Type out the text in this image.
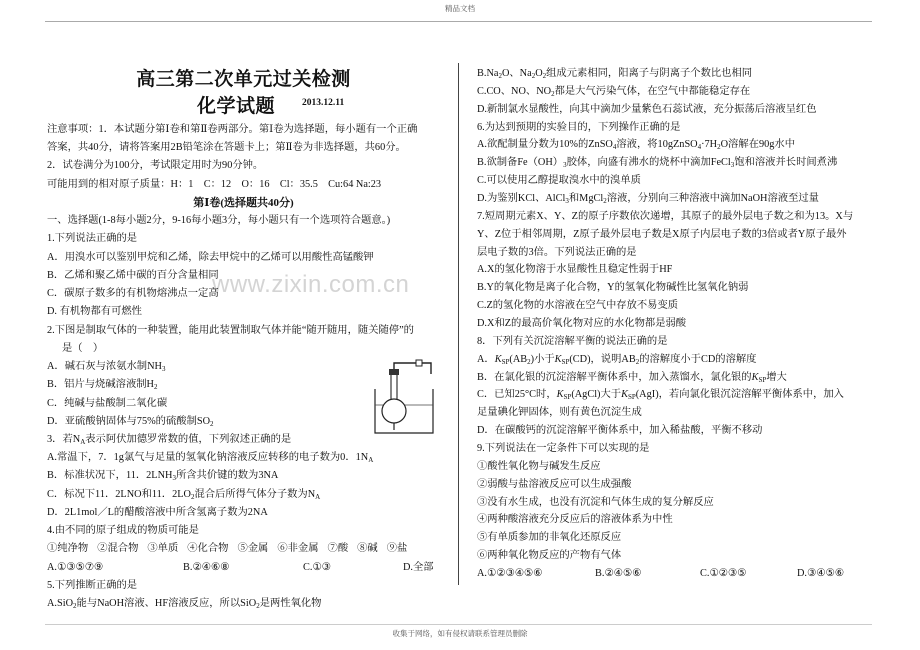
精品文档
www.zixin.com.cn
高三第二次单元过关检测
化学试题	2013.12.11
注意事项：1．本试题分第Ⅰ卷和第Ⅱ卷两部分。第Ⅰ卷为选择题，每小题有一个正确
答案，共40分，请将答案用2B铅笔涂在答题卡上；第Ⅱ卷为非选择题，共60分。
2．试卷满分为100分，考试限定用时为90分钟。
可能用到的相对原子质量：H：1　C：12　O：16　Cl：35.5　Cu:64 Na:23
第Ⅰ卷(选择题共40分)
一、选择题(1-8每小题2分，9-16每小题3分，每小题只有一个选项符合题意。)
1.下列说法正确的是
A．用溴水可以鉴别甲烷和乙烯，除去甲烷中的乙烯可以用酸性高锰酸钾
B．乙烯和聚乙烯中碳的百分含量相同
C．碳原子数多的有机物熔沸点一定高
D. 有机物都有可燃性
2.下图是制取气体的一种装置，能用此装置制取气体并能“随开随用，随关随停”的
是（　）
A．碱石灰与浓氨水制$NH_3$
B．铝片与烧碱溶液制$H_2$
C．纯碱与盐酸制二氧化碳
D．亚硫酸钠固体与75%的硫酸制$SO_2$
3．若$N_A$表示阿伏加德罗常数的值，下列叙述正确的是
A.常温下，7．1g氯气与足量的氢氧化钠溶液反应转移的电子数为0．$1N_A$
B．标准状况下，11．$2LNH_3$所含共价键的数为3NA
C．标况下11．2LNO和11．$2LO_2$混合后所得气体分子数为$N_A$
D．2L1mol／L的醋酸溶液中所含氢离子数为2NA
4.由不同的原子组成的物质可能是
①纯净物 ②混合物 ③单质 ④化合物 ⑤金属 ⑥非金属 ⑦酸 ⑧碱 ⑨盐
A.①③⑤⑦⑨	B.②④⑥⑧	C.①③	D.全部
5.下列推断正确的是
A.SiO$_2$能与NaOH溶液、HF溶液反应，所以SiO$_2$是两性氧化物
$B.Na_2O$、$Na_2O_2$组成元素相同，阳离子与阴离子个数比也相同
C.CO、NO、$NO_2$都是大气污染气体，在空气中都能稳定存在
D.新制氯水显酸性，向其中滴加少量紫色石蕊试液，充分振荡后溶液呈红色
6.为达到预期的实验目的，下列操作正确的是
A.欲配制量分数为10%的ZnSO$_4$溶液，将$10gZnSO_4\cdot 7H_2O$溶解在90g水中
B.欲制备$Fe(OH)_3$胶体，向盛有沸水的烧杯中滴加FeCl$_3$饱和溶液并长时间煮沸
C.可以使用乙醇提取溴水中的溴单质
D.为鉴别KCl、AlCl$_3$和MgCl$_2$溶液，分别向三种溶液中滴加NaOH溶液至过量
7.短周期元素X、Y、Z的原子序数依次递增，其原子的最外层电子数之和为13。X与
Y、Z位于相邻周期，Z原子最外层电子数是X原子内层电子数的3倍或者Y原子最外
层电子数的3倍。下列说法正确的是
A.X的氢化物溶于水显酸性且稳定性弱于HF
B.Y的氧化物是离子化合物，Y的氢氧化物碱性比氢氧化钠弱
C.Z的氢化物的水溶液在空气中存放不易变质
D.X和Z的最高价氧化物对应的水化物都是弱酸
8．下列有关沉淀溶解平衡的说法正确的是
A．$K_{SP}(AB_2)$小于$K_{SP}(CD)$，说明$AB_2$的溶解度小于CD的溶解度
B．在氯化银的沉淀溶解平衡体系中，加入蒸馏水，氯化银的$K_{SP}$增大
C．已知25°C时，$K_{SP}(AgCl)$大于$K_{SP}(AgI)$，若向氯化银沉淀溶解平衡体系中，加入
足量碘化钾固体，则有黄色沉淀生成
D．在碳酸钙的沉淀溶解平衡体系中，加入稀盐酸，平衡不移动
9.下列说法在一定条件下可以实现的是
①酸性氧化物与碱发生反应
②弱酸与盐溶液反应可以生成强酸
③没有水生成，也没有沉淀和气体生成的复分解反应
④两种酸溶液充分反应后的溶液体系为中性
⑤有单质参加的非氧化还原反应
⑥两种氧化物反应的产物有气体
A.①②③④⑤⑥	B.②④⑤⑥	C.①②③⑤	D.③④⑤⑥
收集于网络，如有侵权请联系管理员删除
